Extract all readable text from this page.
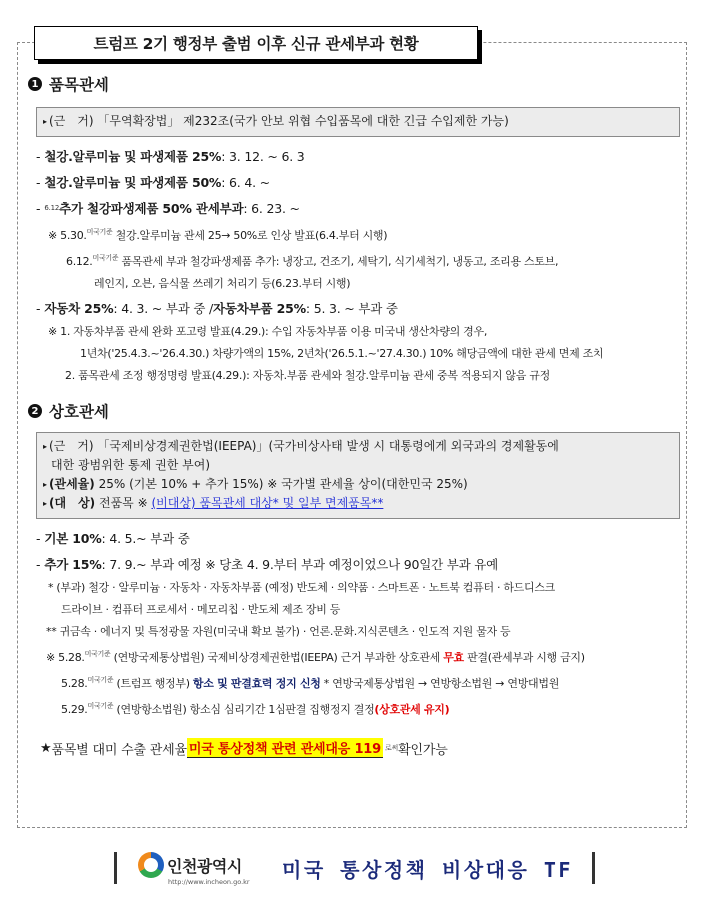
트럼프 2기 행정부 출범 이후 신규 관세부과 현황
1 품목관세
▸ (근　거) 「무역확장법」 제232조(국가 안보 위협 수입품목에 대한 긴급 수입제한 가능)
- 철강.알루미늄 및 파생제품 25% : 3. 12. ~ 6. 3
- 철강.알루미늄 및 파생제품 50% : 6. 4. ~
- 6.12 추가 철강파생제품 50% 관세부과 : 6. 23. ~
※ 5.30.$^{미국기준}$ 철강.알루미늄 관세 25→ 50%로 인상 발표(6.4.부터 시행)
6.12.$^{미국기준}$ 품목관세 부과 철강파생제품 추가: 냉장고, 건조기, 세탁기, 식기세척기, 냉동고, 조리용 스토브,
레인지, 오븐, 음식물 쓰레기 처리기 등(6.23.부터 시행)
- 자동차 25% : 4. 3. ~ 부과 중 / 자동차부품 25% : 5. 3. ~ 부과 중
※ 1. 자동차부품 관세 완화 포고령 발표(4.29.): 수입 자동차부품 이용 미국내 생산차량의 경우,
1년차('25.4.3.~'26.4.30.) 차량가액의 15%, 2년차('26.5.1.~'27.4.30.) 10% 해당금액에 대한 관세 면제 조치
2. 품목관세 조정 행정명령 발표(4.29.): 자동차.부품 관세와 철강.알루미늄 관세 중복 적용되지 않음 규정
2 상호관세
▸ (근　거) 「국제비상경제권한법(IEEPA)」(국가비상사태 발생 시 대통령에게 외국과의 경제활동에
대한 광범위한 통제 권한 부여)
▸ (관세율) 25% (기본 10% + 추가 15%) ※ 국가별 관세율 상이(대한민국 25%)
▸ (대　상) 전품목 ※ (비대상) 품목관세 대상* 및 일부 면제품목**
- 기본 10% : 4. 5.~ 부과 중
- 추가 15% : 7. 9.~ 부과 예정 ※ 당초 4. 9.부터 부과 예정이었으나 90일간 부과 유예
* (부과) 철강 · 알루미늄 · 자동차 · 자동차부품 (예정) 반도체 · 의약품 · 스마트폰 · 노트북 컴퓨터 · 하드디스크
드라이브 · 컴퓨터 프로세서 · 메모리칩 · 반도체 제조 장비 등
** 귀금속 · 에너지 및 특정광물 자원(미국내 확보 불가) · 언론.문화.지식콘텐츠 · 인도적 지원 물자 등
※ 5.28.$^{미국기준}$ (연방국제통상법원) 국제비상경제권한법(IEEPA) 근거 부과한 상호관세 무효 판결(관세부과 시행 금지)
5.28.$^{미국기준}$ (트럼프 행정부) 항소 및 판결효력 정지 신청 * 연방국제통상법원 → 연방항소법원 → 연방대법원
5.29.$^{미국기준}$ (연방항소법원) 항소심 심리기간 1심판결 집행정지 결정(상호관세 유지)
★ 품목별 대미 수출 관세율 미국 통상정책 관련 관세대응 119 로써 확인가능
인천광역시
http://www.incheon.go.kr 미국 통상정책 비상대응 TF
